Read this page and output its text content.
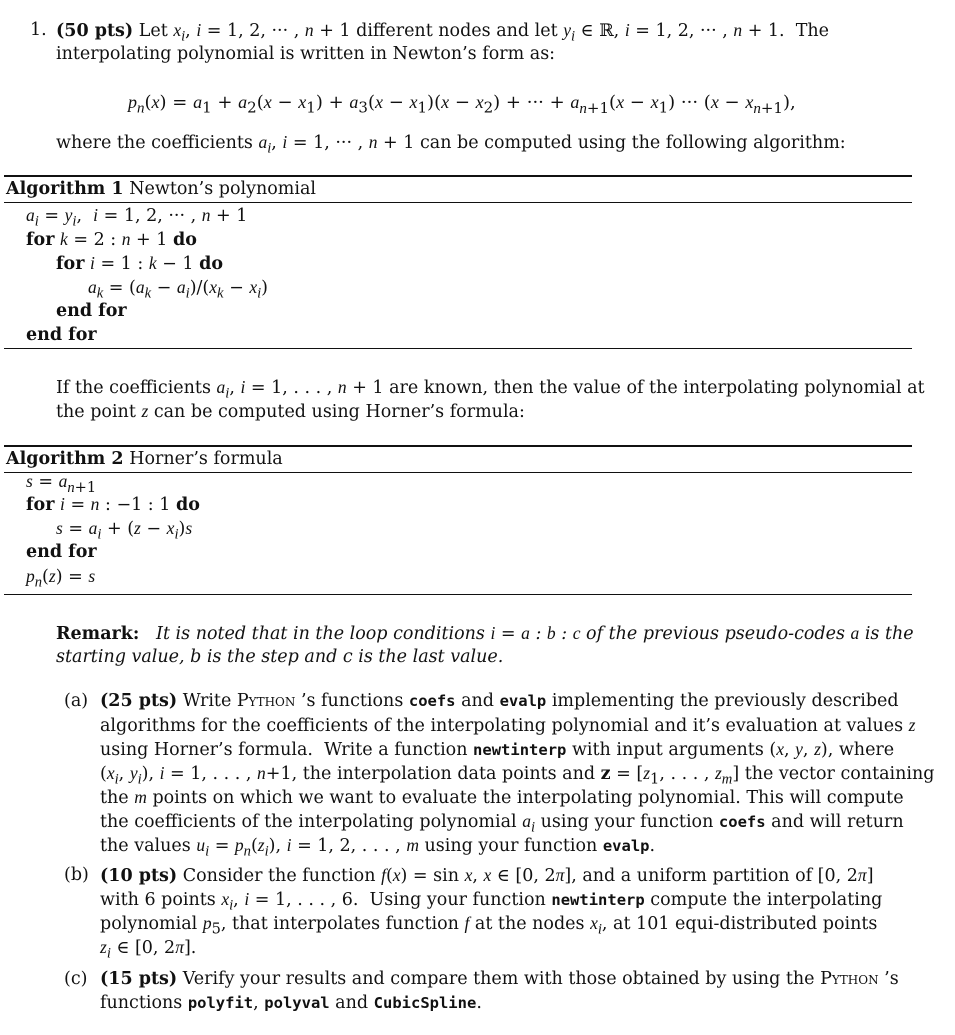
1. (50 pts) Let $x_i$, i = 1, 2, ··· , n + 1 different nodes and let $y_i$ ∈ ℝ, i = 1, 2, ··· , n + 1.  The
interpolating polynomial is written in Newton’s form as:
$p_n(x) = a_1 + a_2(x - x_1) + a_3(x - x_1)(x - x_2)$ + ··· + $a_{n+1}(x - x_1)$ ··· $(x - x_{n+1})$,
where the coefficients $a_i$, i = 1, ··· , n + 1 can be computed using the following algorithm:
Algorithm 1 Newton’s polynomial
$a_i = y_i$,  i = 1, 2, ··· , n + 1
for k = 2 : n + 1 do
for i = 1 : k − 1 do
$a_k = (a_k - a_i)/(x_k - x_i)$
end for
end for
If the coefficients $a_i$, i = 1, . . . , n + 1 are known, then the value of the interpolating polynomial at
the point z can be computed using Horner’s formula:
Algorithm 2 Horner’s formula
$s = a_{n+1}$
for i = n : −1 : 1 do
$s = a_i + (z - x_i)s$
end for
$p_n(z) = s$
Remark: It is noted that in the loop conditions i = a : b : c of the previous pseudo-codes a is the
starting value, b is the step and c is the last value.
(a) (25 pts) Write Python ’s functions coefs and evalp implementing the previously described
algorithms for the coefficients of the interpolating polynomial and it’s evaluation at values z
using Horner’s formula.  Write a function newtinterp with input arguments (x, y, z), where
($x_i$, $y_i$), i = 1, . . . , n+1, the interpolation data points and $z = [z_1$, . . . , $z_m$] the vector containing
the m points on which we want to evaluate the interpolating polynomial. This will compute
the coefficients of the interpolating polynomial $a_i$ using your function coefs and will return
the values $u_i = p_n(z_i)$, i = 1, 2, . . . , m using your function evalp.
(b) (10 pts) Consider the function f(x) = sin x, x ∈ [0, 2π], and a uniform partition of [0, 2π]
with 6 points $x_i$, i = 1, . . . , 6.  Using your function newtinterp compute the interpolating
polynomial $p_5$, that interpolates function f at the nodes $x_i$, at 101 equi-distributed points
$z_i$ ∈ [0, 2π].
(c) (15 pts) Verify your results and compare them with those obtained by using the Python ’s
functions polyfit, polyval and CubicSpline.
